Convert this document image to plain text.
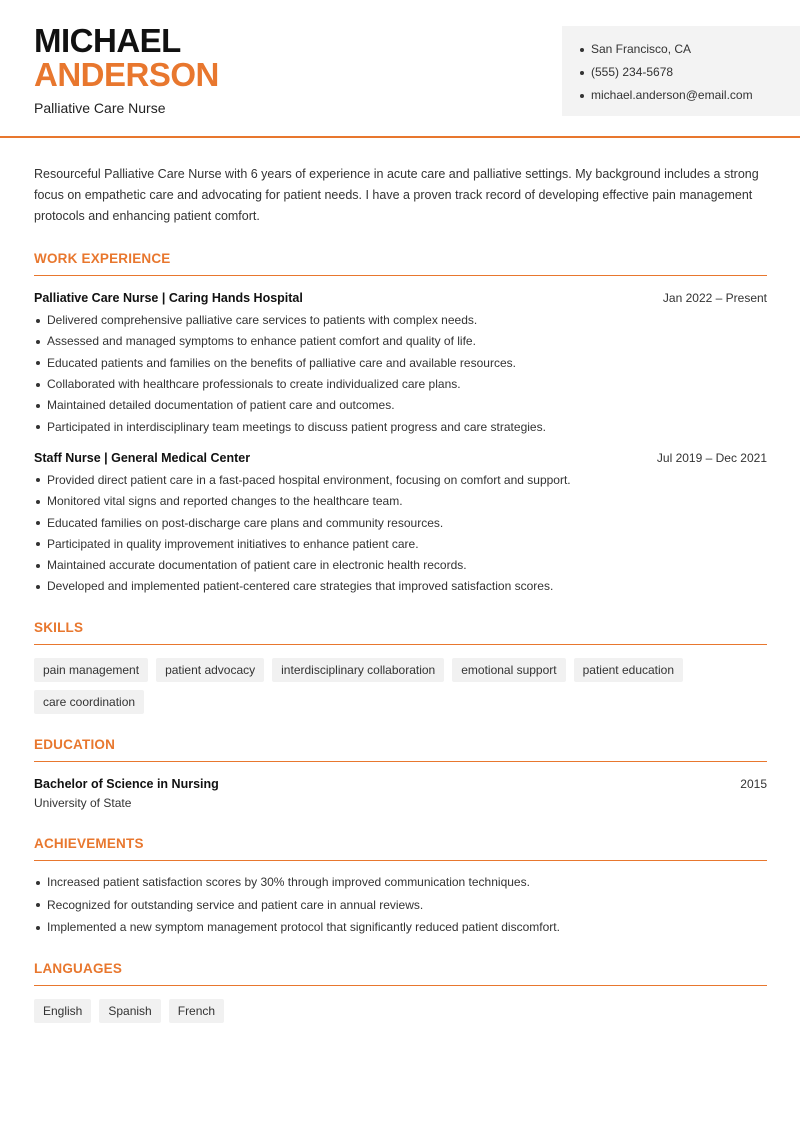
MICHAEL
ANDERSON
Palliative Care Nurse
San Francisco, CA
(555) 234-5678
michael.anderson@email.com

Resourceful Palliative Care Nurse with 6 years of experience in acute care and palliative settings. My background includes a strong focus on empathetic care and advocating for patient needs. I have a proven track record of developing effective pain management protocols and enhancing patient comfort.

WORK EXPERIENCE
Palliative Care Nurse | Caring Hands Hospital	Jan 2022 – Present
Delivered comprehensive palliative care services to patients with complex needs.
Assessed and managed symptoms to enhance patient comfort and quality of life.
Educated patients and families on the benefits of palliative care and available resources.
Collaborated with healthcare professionals to create individualized care plans.
Maintained detailed documentation of patient care and outcomes.
Participated in interdisciplinary team meetings to discuss patient progress and care strategies.
Staff Nurse | General Medical Center	Jul 2019 – Dec 2021
Provided direct patient care in a fast-paced hospital environment, focusing on comfort and support.
Monitored vital signs and reported changes to the healthcare team.
Educated families on post-discharge care plans and community resources.
Participated in quality improvement initiatives to enhance patient care.
Maintained accurate documentation of patient care in electronic health records.
Developed and implemented patient-centered care strategies that improved satisfaction scores.
SKILLS
pain management	patient advocacy	interdisciplinary collaboration	emotional support	patient education
care coordination
EDUCATION
Bachelor of Science in Nursing	2015
University of State
ACHIEVEMENTS
Increased patient satisfaction scores by 30% through improved communication techniques.
Recognized for outstanding service and patient care in annual reviews.
Implemented a new symptom management protocol that significantly reduced patient discomfort.
LANGUAGES
English	Spanish	French
